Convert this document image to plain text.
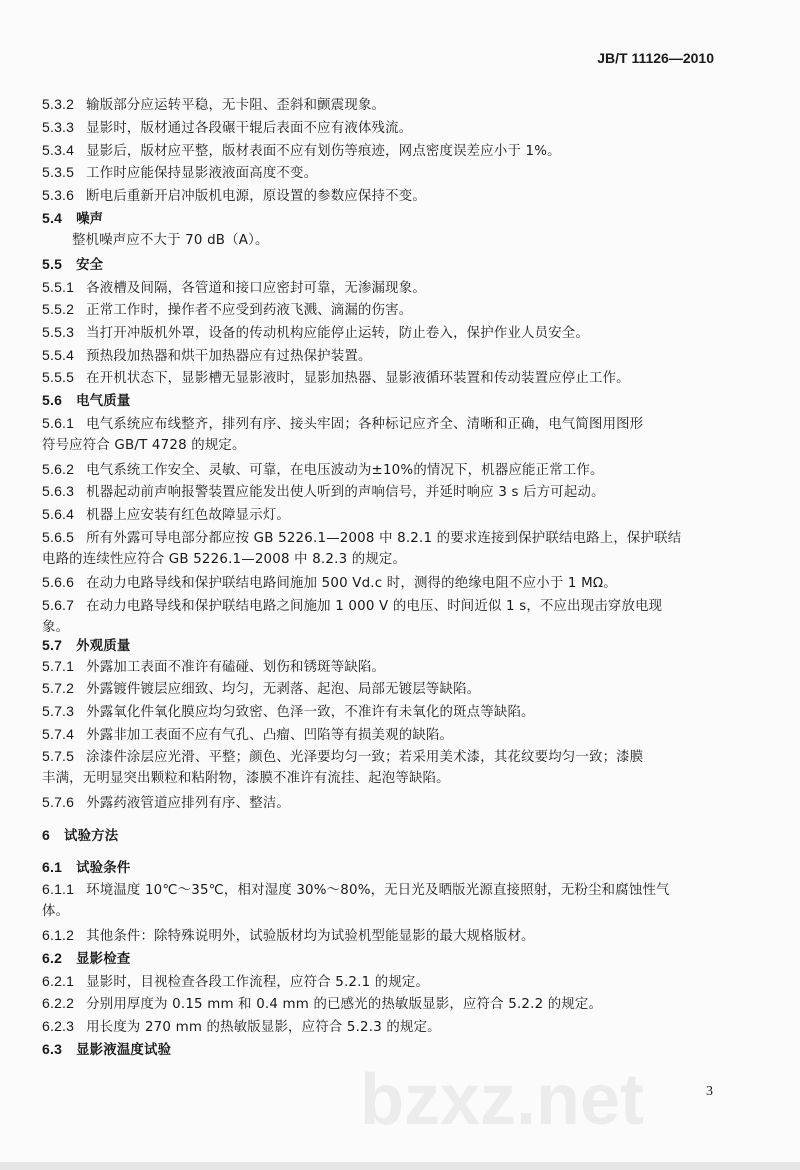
JB/T 11126—2010
5.3.2 输版部分应运转平稳，无卡阻、歪斜和颤震现象。
5.3.3 显影时，版材通过各段碾干辊后表面不应有液体残流。
5.3.4 显影后，版材应平整，版材表面不应有划伤等痕迹，网点密度误差应小于 1%。
5.3.5 工作时应能保持显影液液面高度不变。
5.3.6 断电后重新开启冲版机电源，原设置的参数应保持不变。
5.4 噪声
整机噪声应不大于 70 dB（A）。
5.5 安全
5.5.1 各液槽及间隔，各管道和接口应密封可靠，无渗漏现象。
5.5.2 正常工作时，操作者不应受到药液飞溅、滴漏的伤害。
5.5.3 当打开冲版机外罩，设备的传动机构应能停止运转，防止卷入，保护作业人员安全。
5.5.4 预热段加热器和烘干加热器应有过热保护装置。
5.5.5 在开机状态下，显影槽无显影液时，显影加热器、显影液循环装置和传动装置应停止工作。
5.6 电气质量
5.6.1 电气系统应布线整齐，排列有序、接头牢固；各种标记应齐全、清晰和正确，电气简图用图形
符号应符合 GB/T 4728 的规定。
5.6.2 电气系统工作安全、灵敏、可靠，在电压波动为±10%的情况下，机器应能正常工作。
5.6.3 机器起动前声响报警装置应能发出使人听到的声响信号，并延时响应 3 s 后方可起动。
5.6.4 机器上应安装有红色故障显示灯。
5.6.5 所有外露可导电部分都应按 GB 5226.1—2008 中 8.2.1 的要求连接到保护联结电路上，保护联结
电路的连续性应符合 GB 5226.1—2008 中 8.2.3 的规定。
5.6.6 在动力电路导线和保护联结电路间施加 500 Vd.c 时，测得的绝缘电阻不应小于 1 MΩ。
5.6.7 在动力电路导线和保护联结电路之间施加 1 000 V 的电压、时间近似 1 s，不应出现击穿放电现
象。
5.7 外观质量
5.7.1 外露加工表面不准许有磕碰、划伤和锈斑等缺陷。
5.7.2 外露镀件镀层应细致、均匀，无剥落、起泡、局部无镀层等缺陷。
5.7.3 外露氧化件氧化膜应均匀致密、色泽一致，不准许有未氧化的斑点等缺陷。
5.7.4 外露非加工表面不应有气孔、凸瘤、凹陷等有损美观的缺陷。
5.7.5 涂漆件涂层应光滑、平整；颜色、光泽要均匀一致；若采用美术漆，其花纹要均匀一致；漆膜
丰满，无明显突出颗粒和粘附物，漆膜不准许有流挂、起泡等缺陷。
5.7.6 外露药液管道应排列有序、整洁。
6 试验方法
6.1 试验条件
6.1.1 环境温度 10℃～35℃，相对湿度 30%～80%，无日光及晒版光源直接照射，无粉尘和腐蚀性气
体。
6.1.2 其他条件：除特殊说明外，试验版材均为试验机型能显影的最大规格版材。
6.2 显影检查
6.2.1 显影时，目视检查各段工作流程，应符合 5.2.1 的规定。
6.2.2 分别用厚度为 0.15 mm 和 0.4 mm 的已感光的热敏版显影，应符合 5.2.2 的规定。
6.2.3 用长度为 270 mm 的热敏版显影，应符合 5.2.3 的规定。
6.3 显影液温度试验
bzxz.net	3
